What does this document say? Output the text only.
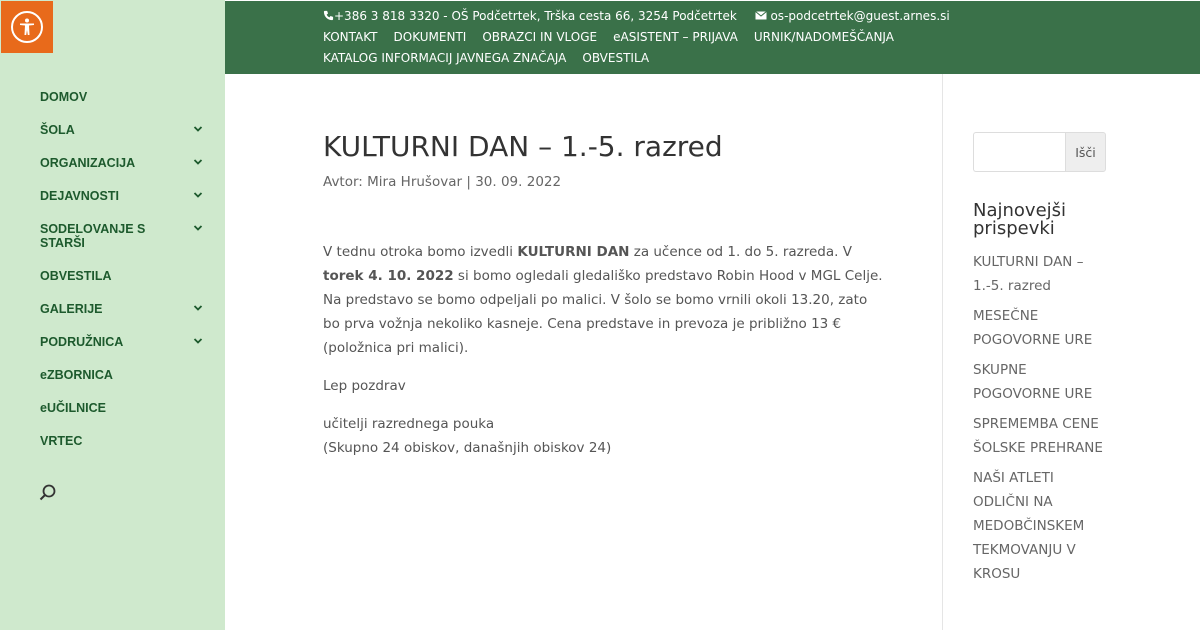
DOMOV
ŠOLA
ORGANIZACIJA
DEJAVNOSTI
SODELOVANJE S STARŠI
OBVESTILA
GALERIJE
PODRUŽNICA
eZBORNICA
eUČILNICE
VRTEC
+386 3 818 3320 - OŠ Podčetrtek, Trška cesta 66, 3254 Podčetrtek	os-podcetrtek@guest.arnes.si
KONTAKT DOKUMENTI OBRAZCI IN VLOGE eASISTENT – PRIJAVA URNIK/NADOMEŠČANJA
KATALOG INFORMACIJ JAVNEGA ZNAČAJA OBVESTILA
KULTURNI DAN – 1.-5. razred
Avtor: Mira Hrušovar | 30. 09. 2022

V tednu otroka bomo izvedli KULTURNI DAN za učence od 1. do 5. razreda. V torek 4. 10. 2022 si bomo ogledali gledališko predstavo Robin Hood v MGL Celje. Na predstavo se bomo odpeljali po malici. V šolo se bomo vrnili okoli 13.20, zato bo prva vožnja nekoliko kasneje. Cena predstave in prevoza je približno 13 € (položnica pri malici).

Lep pozdrav

učitelji razrednega pouka
(Skupno 24 obiskov, današnjih obiskov 24)

Išči
Najnovejši prispevki
KULTURNI DAN – 1.-5. razred
MESEČNE POGOVORNE URE
SKUPNE POGOVORNE URE
SPREMEMBA CENE ŠOLSKE PREHRANE
NAŠI ATLETI ODLIČNI NA MEDOBČINSKEM TEKMOVANJU V KROSU
